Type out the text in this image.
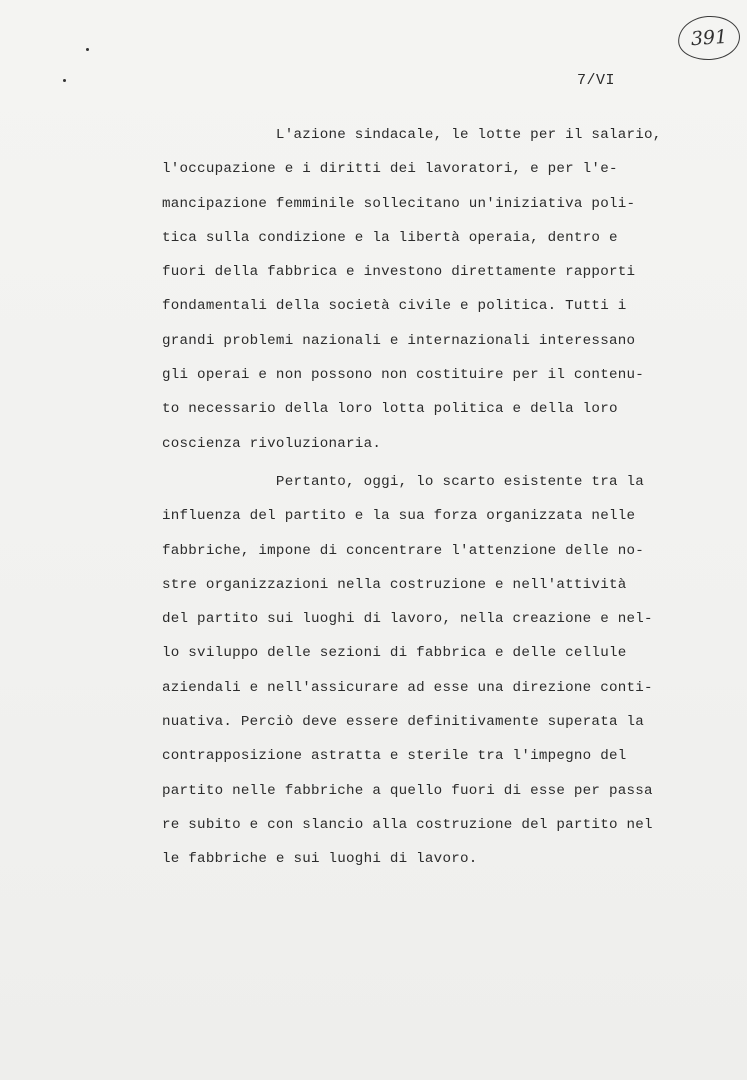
391
7/VI
L'azione sindacale, le lotte per il salario,
l'occupazione e i diritti dei lavoratori, e per l'e-
mancipazione femminile sollecitano un'iniziativa poli-
tica sulla condizione e la libertà operaia, dentro e
fuori della fabbrica e investono direttamente rapporti
fondamentali della società civile e politica. Tutti i
grandi problemi nazionali e internazionali interessano
gli operai e non possono non costituire per il contenu-
to necessario della loro lotta politica e della loro
coscienza rivoluzionaria.
Pertanto, oggi, lo scarto esistente tra la
influenza del partito e la sua forza organizzata nelle
fabbriche, impone di concentrare l'attenzione delle no-
stre organizzazioni nella costruzione e nell'attività
del partito sui luoghi di lavoro, nella creazione e nel-
lo sviluppo delle sezioni di fabbrica e delle cellule
aziendali e nell'assicurare ad esse una direzione conti-
nuativa. Perciò deve essere definitivamente superata la
contrapposizione astratta e sterile tra l'impegno del
partito nelle fabbriche a quello fuori di esse per passa
re subito e con slancio alla costruzione del partito nel
le fabbriche e sui luoghi di lavoro.
